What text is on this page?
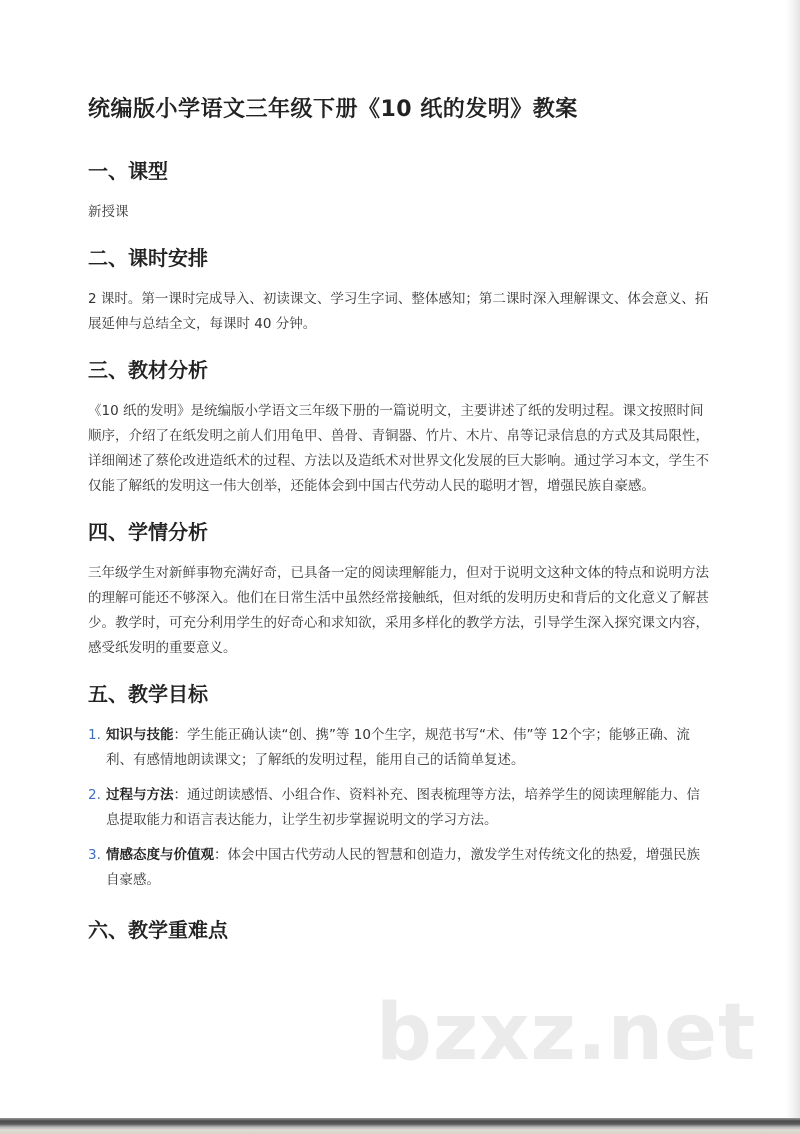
统编版小学语文三年级下册《10 纸的发明》教案
一、课型

新授课

二、课时安排

2 课时。第一课时完成导入、初读课文、学习生字词、整体感知；第二课时深入理解课文、体会意义、拓展延伸与总结全文，每课时 40 分钟。

三、教材分析

《10 纸的发明》是统编版小学语文三年级下册的一篇说明文，主要讲述了纸的发明过程。课文按照时间顺序，介绍了在纸发明之前人们用龟甲、兽骨、青铜器、竹片、木片、帛等记录信息的方式及其局限性，详细阐述了蔡伦改进造纸术的过程、方法以及造纸术对世界文化发展的巨大影响。通过学习本文，学生不仅能了解纸的发明这一伟大创举，还能体会到中国古代劳动人民的聪明才智，增强民族自豪感。

四、学情分析

三年级学生对新鲜事物充满好奇，已具备一定的阅读理解能力，但对于说明文这种文体的特点和说明方法的理解可能还不够深入。他们在日常生活中虽然经常接触纸，但对纸的发明历史和背后的文化意义了解甚少。教学时，可充分利用学生的好奇心和求知欲，采用多样化的教学方法，引导学生深入探究课文内容，感受纸发明的重要意义。

五、教学目标
1. 知识与技能：学生能正确认读“创、携”等 10个生字，规范书写“术、伟”等 12个字；能够正确、流利、有感情地朗读课文；了解纸的发明过程，能用自己的话简单复述。
2. 过程与方法：通过朗读感悟、小组合作、资料补充、图表梳理等方法，培养学生的阅读理解能力、信息提取能力和语言表达能力，让学生初步掌握说明文的学习方法。
3. 情感态度与价值观：体会中国古代劳动人民的智慧和创造力，激发学生对传统文化的热爱，增强民族自豪感。
六、教学重难点
bzxz.net
